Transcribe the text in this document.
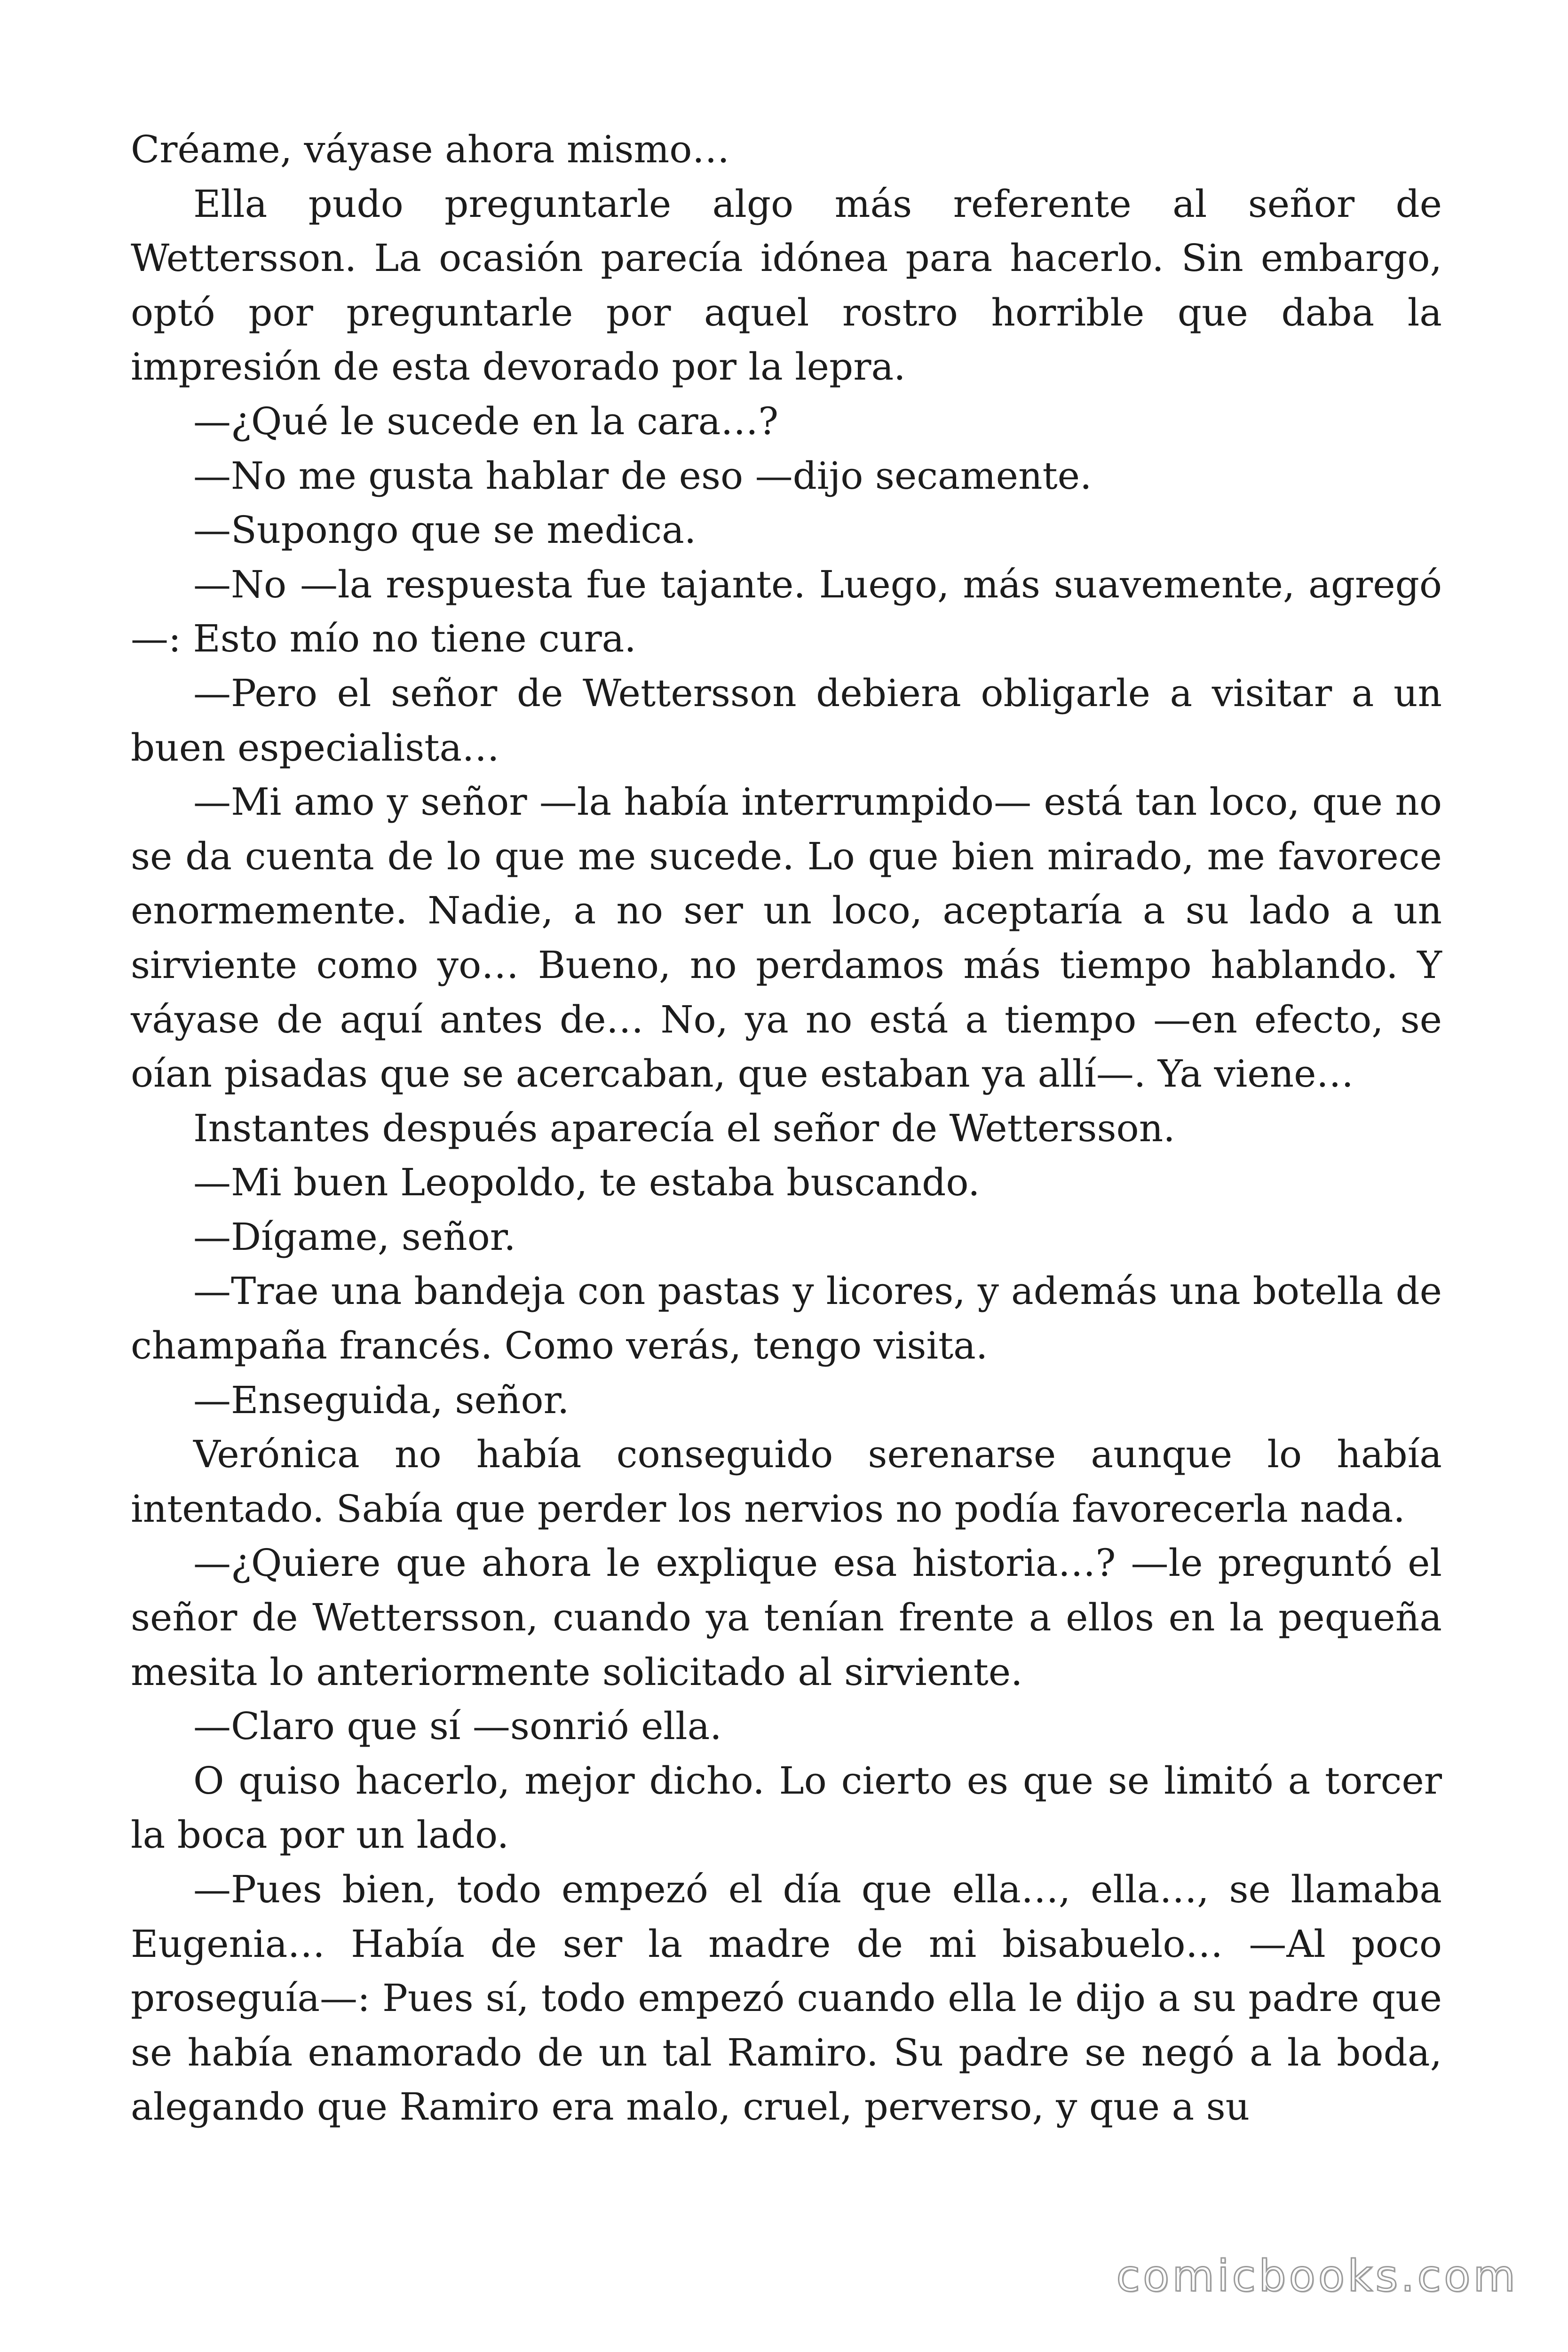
Créame, váyase ahora mismo…

Ella pudo preguntarle algo más referente al señor de Wettersson. La ocasión parecía idónea para hacerlo. Sin embargo, optó por preguntarle por aquel rostro horrible que daba la impresión de esta devorado por la lepra.

—¿Qué le sucede en la cara…?

—No me gusta hablar de eso —dijo secamente.

—Supongo que se medica.

—No —la respuesta fue tajante. Luego, más suavemente, agregó —: Esto mío no tiene cura.

—Pero el señor de Wettersson debiera obligarle a visitar a un buen especialista…

—Mi amo y señor —la había interrumpido— está tan loco, que no se da cuenta de lo que me sucede. Lo que bien mirado, me favorece enormemente. Nadie, a no ser un loco, aceptaría a su lado a un sirviente como yo… Bueno, no perdamos más tiempo hablando. Y váyase de aquí antes de… No, ya no está a tiempo —en efecto, se oían pisadas que se acercaban, que estaban ya allí—. Ya viene…

Instantes después aparecía el señor de Wettersson.

—Mi buen Leopoldo, te estaba buscando.

—Dígame, señor.

—Trae una bandeja con pastas y licores, y además una botella de champaña francés. Como verás, tengo visita.

—Enseguida, señor.

Verónica no había conseguido serenarse aunque lo había intentado. Sabía que perder los nervios no podía favorecerla nada.

—¿Quiere que ahora le explique esa historia…? —le preguntó el señor de Wettersson, cuando ya tenían frente a ellos en la pequeña mesita lo anteriormente solicitado al sirviente.

—Claro que sí —sonrió ella.

O quiso hacerlo, mejor dicho. Lo cierto es que se limitó a torcer la boca por un lado.

—Pues bien, todo empezó el día que ella…, ella…, se llamaba Eugenia… Había de ser la madre de mi bisabuelo… —Al poco proseguía—: Pues sí, todo empezó cuando ella le dijo a su padre que se había enamorado de un tal Ramiro. Su padre se negó a la boda, alegando que Ramiro era malo, cruel, perverso, y que a su

comicbooks.com
